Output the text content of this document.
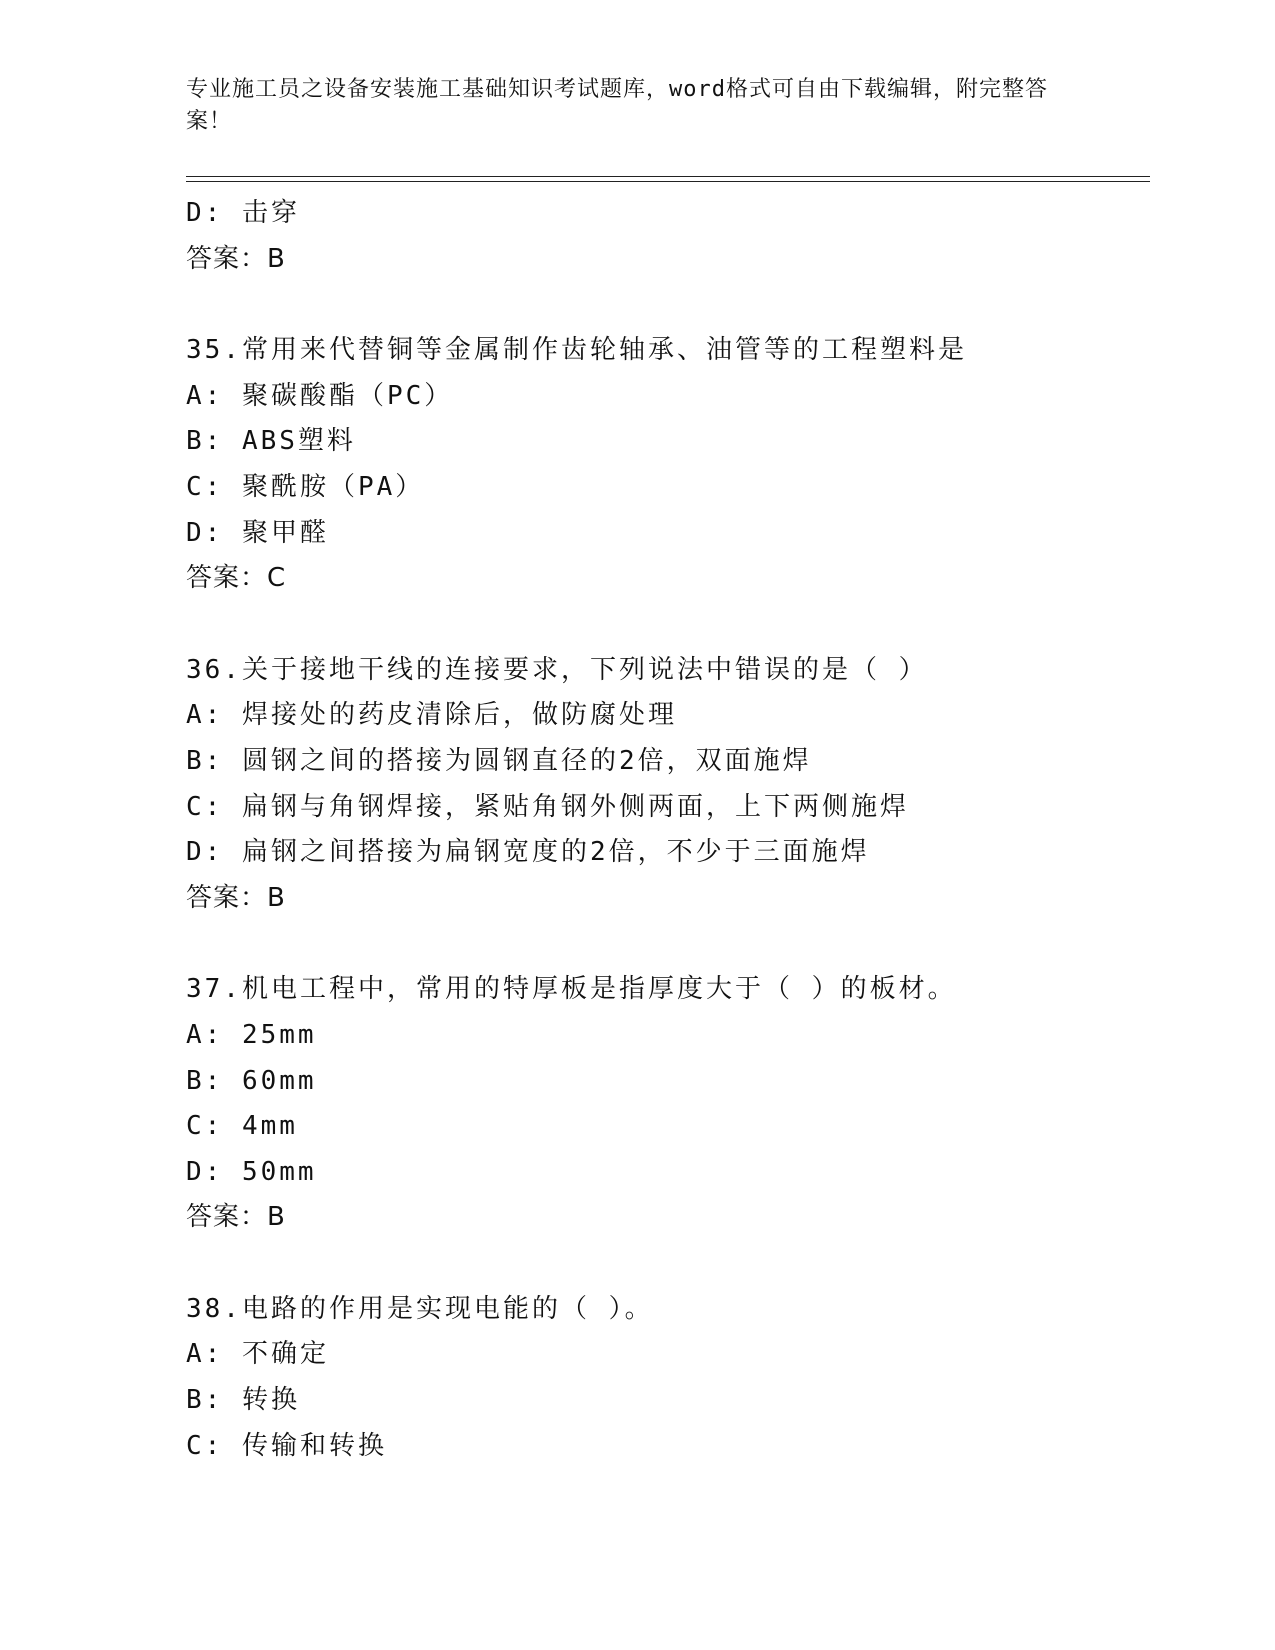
专业施工员之设备安装施工基础知识考试题库，word格式可自由下载编辑，附完整答案！
D: 击穿
答案：B
35.常用来代替铜等金属制作齿轮轴承、油管等的工程塑料是
A: 聚碳酸酯（PC）
B: ABS塑料
C: 聚酰胺（PA）
D: 聚甲醛
答案：C
36.关于接地干线的连接要求，下列说法中错误的是（ ）
A: 焊接处的药皮清除后，做防腐处理
B: 圆钢之间的搭接为圆钢直径的2倍，双面施焊
C: 扁钢与角钢焊接，紧贴角钢外侧两面，上下两侧施焊
D: 扁钢之间搭接为扁钢宽度的2倍，不少于三面施焊
答案：B
37.机电工程中，常用的特厚板是指厚度大于（ ）的板材。
A: 25mm
B: 60mm
C: 4mm
D: 50mm
答案：B
38.电路的作用是实现电能的（ ）。
A: 不确定
B: 转换
C: 传输和转换
